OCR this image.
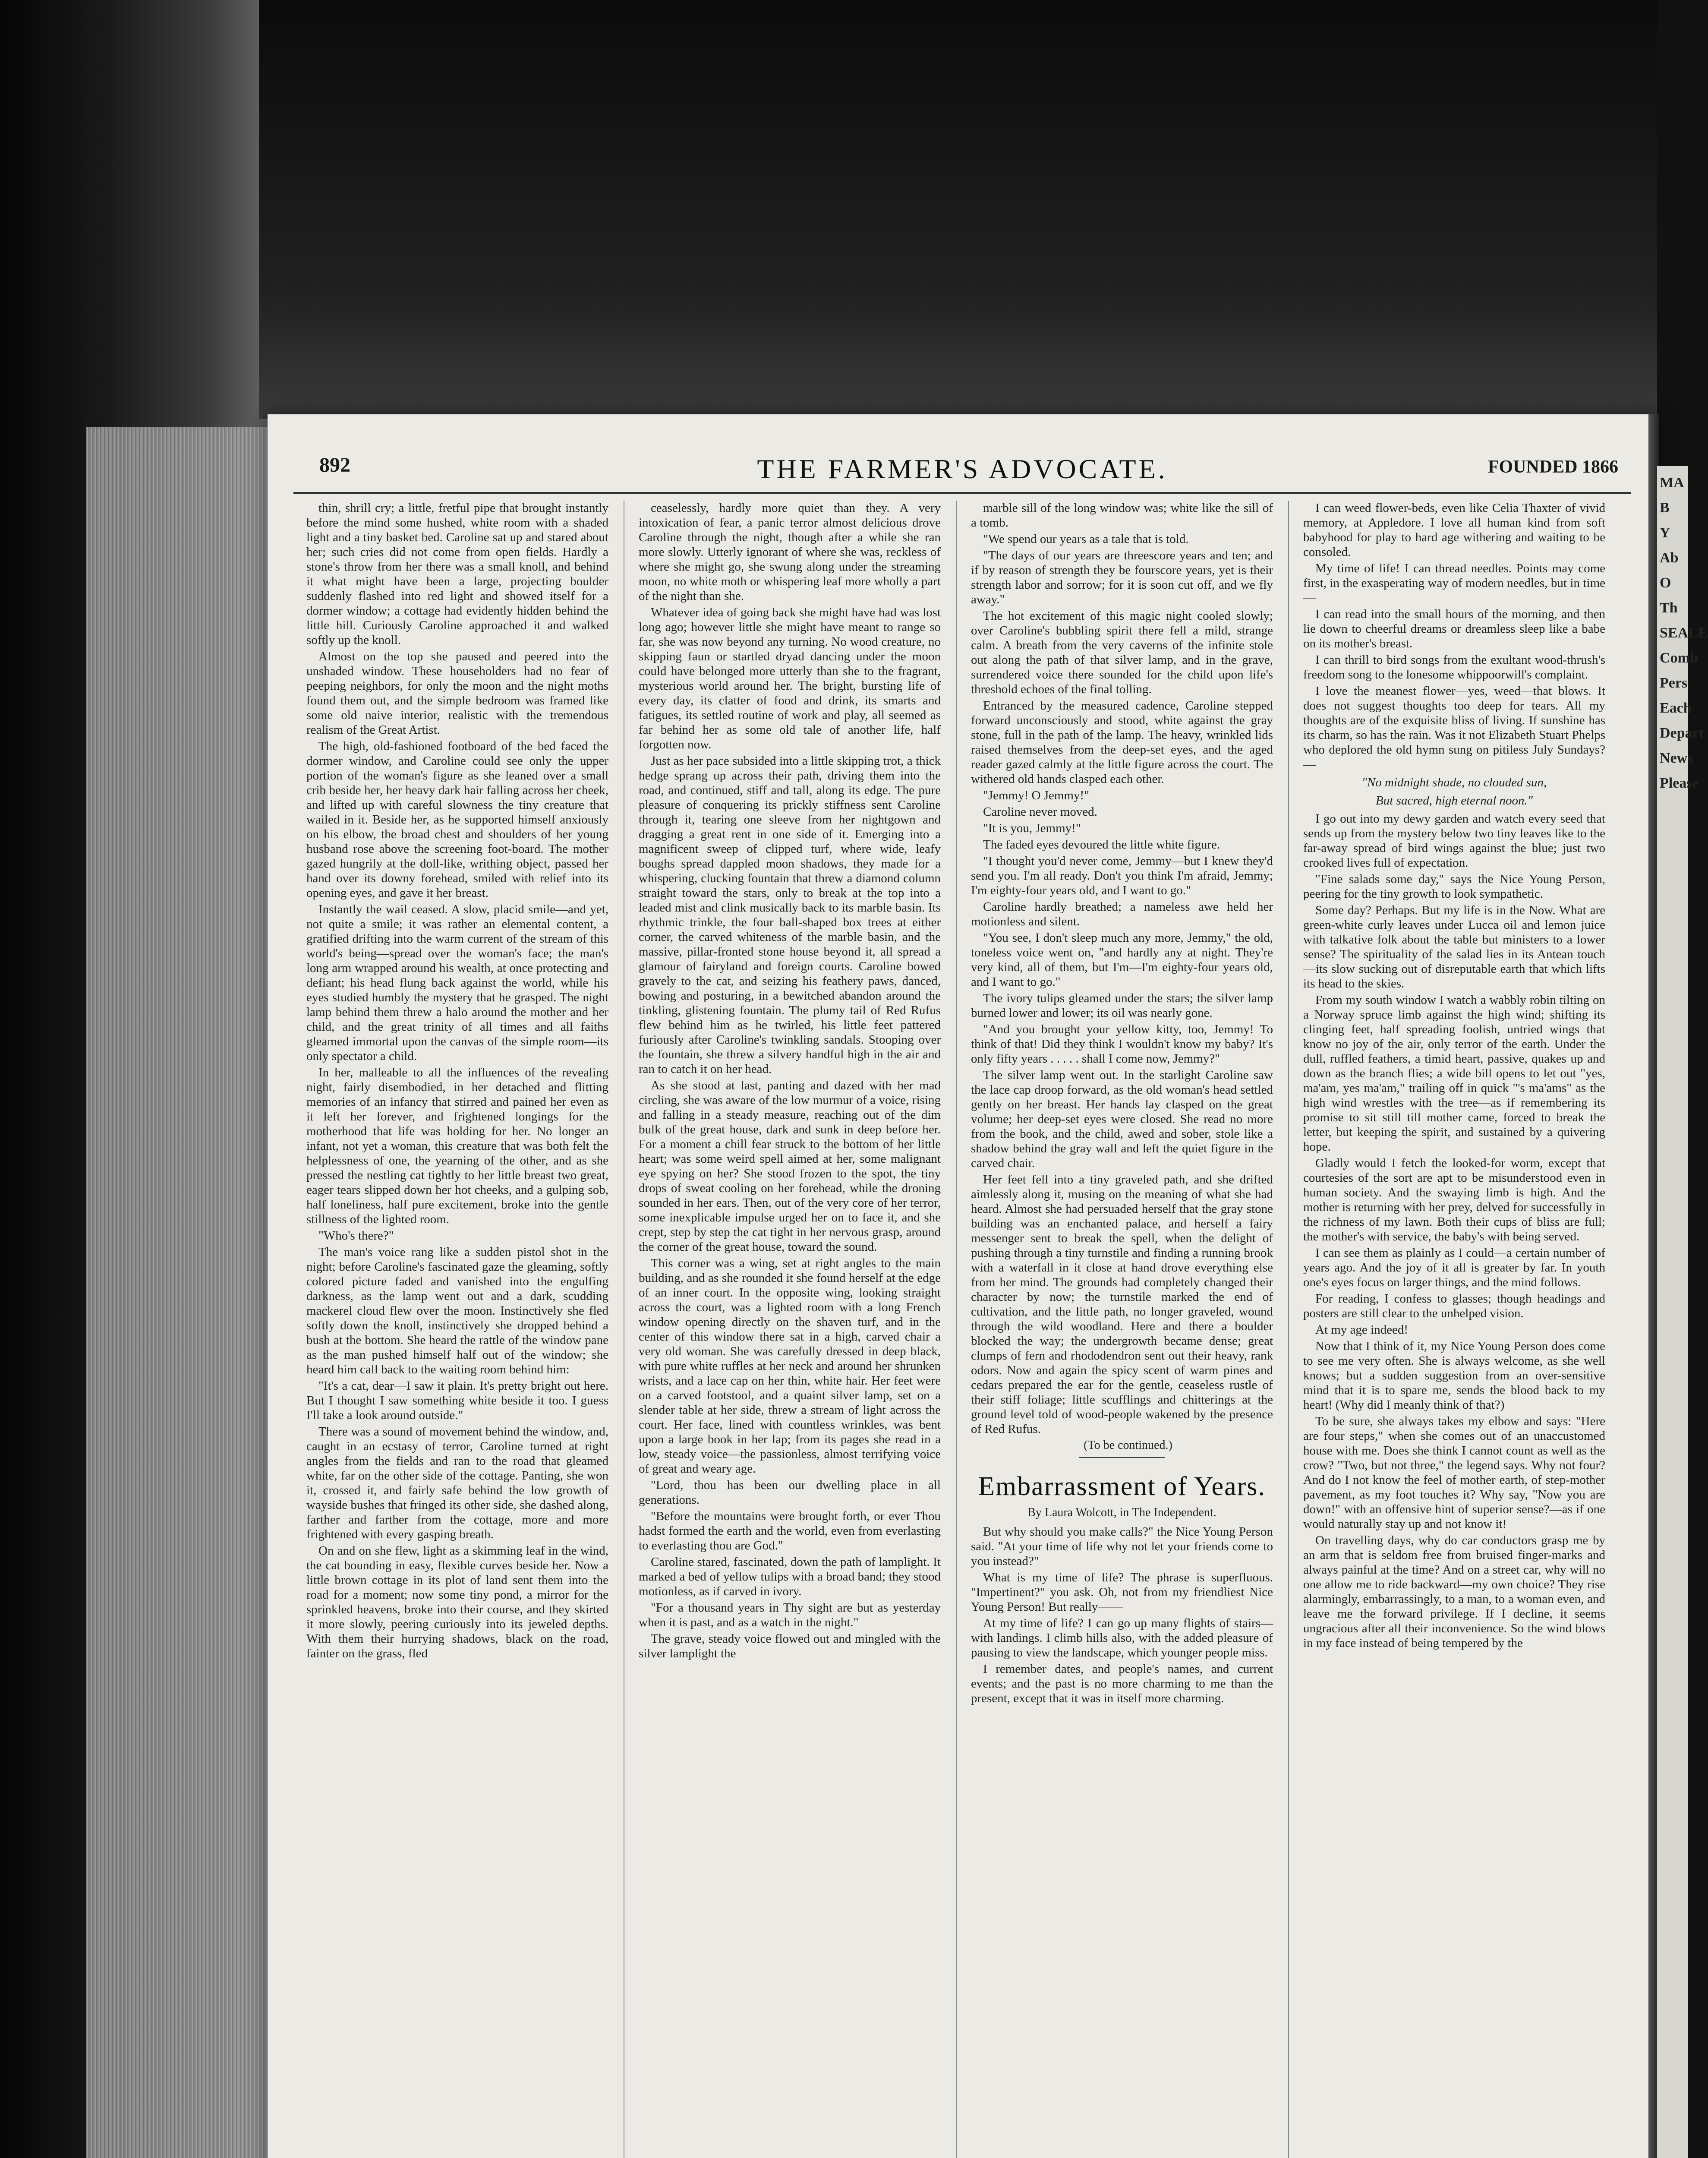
892	THE FARMER'S ADVOCATE.	FOUNDED 1866

thin, shrill cry; a little, fretful pipe that brought instantly before the mind some hushed, white room with a shaded light and a tiny basket bed. Caroline sat up and stared about her; such cries did not come from open fields. Hardly a stone's throw from her there was a small knoll, and behind it what might have been a large, projecting boulder suddenly flashed into red light and showed itself for a dormer window; a cottage had evidently hidden behind the little hill. Curiously Caroline approached it and walked softly up the knoll.

Almost on the top she paused and peered into the unshaded window. These householders had no fear of peeping neighbors, for only the moon and the night moths found them out, and the simple bedroom was framed like some old naive interior, realistic with the tremendous realism of the Great Artist.

The high, old-fashioned footboard of the bed faced the dormer window, and Caroline could see only the upper portion of the woman's figure as she leaned over a small crib beside her, her heavy dark hair falling across her cheek, and lifted up with careful slowness the tiny creature that wailed in it. Beside her, as he supported himself anxiously on his elbow, the broad chest and shoulders of her young husband rose above the screening foot-board. The mother gazed hungrily at the doll-like, writhing object, passed her hand over its downy forehead, smiled with relief into its opening eyes, and gave it her breast.

Instantly the wail ceased. A slow, placid smile—and yet, not quite a smile; it was rather an elemental content, a gratified drifting into the warm current of the stream of this world's being—spread over the woman's face; the man's long arm wrapped around his wealth, at once protecting and defiant; his head flung back against the world, while his eyes studied humbly the mystery that he grasped. The night lamp behind them threw a halo around the mother and her child, and the great trinity of all times and all faiths gleamed immortal upon the canvas of the simple room—its only spectator a child.

In her, malleable to all the influences of the revealing night, fairly disembodied, in her detached and flitting memories of an infancy that stirred and pained her even as it left her forever, and frightened longings for the motherhood that life was holding for her. No longer an infant, not yet a woman, this creature that was both felt the helplessness of one, the yearning of the other, and as she pressed the nestling cat tightly to her little breast two great, eager tears slipped down her hot cheeks, and a gulping sob, half loneliness, half pure excitement, broke into the gentle stillness of the lighted room.

"Who's there?"

The man's voice rang like a sudden pistol shot in the night; before Caroline's fascinated gaze the gleaming, softly colored picture faded and vanished into the engulfing darkness, as the lamp went out and a dark, scudding mackerel cloud flew over the moon. Instinctively she fled softly down the knoll, instinctively she dropped behind a bush at the bottom. She heard the rattle of the window pane as the man pushed himself half out of the window; she heard him call back to the waiting room behind him:

"It's a cat, dear—I saw it plain. It's pretty bright out here. But I thought I saw something white beside it too. I guess I'll take a look around outside."

There was a sound of movement behind the window, and, caught in an ecstasy of terror, Caroline turned at right angles from the fields and ran to the road that gleamed white, far on the other side of the cottage. Panting, she won it, crossed it, and fairly safe behind the low growth of wayside bushes that fringed its other side, she dashed along, farther and farther from the cottage, more and more frightened with every gasping breath.

On and on she flew, light as a skimming leaf in the wind, the cat bounding in easy, flexible curves beside her. Now a little brown cottage in its plot of land sent them into the road for a moment; now some tiny pond, a mirror for the sprinkled heavens, broke into their course, and they skirted it more slowly, peering curiously into its jeweled depths. With them their hurrying shadows, black on the road, fainter on the grass, fled

ceaselessly, hardly more quiet than they. A very intoxication of fear, a panic terror almost delicious drove Caroline through the night, though after a while she ran more slowly. Utterly ignorant of where she was, reckless of where she might go, she swung along under the streaming moon, no white moth or whispering leaf more wholly a part of the night than she.

Whatever idea of going back she might have had was lost long ago; however little she might have meant to range so far, she was now beyond any turning. No wood creature, no skipping faun or startled dryad dancing under the moon could have belonged more utterly than she to the fragrant, mysterious world around her. The bright, bursting life of every day, its clatter of food and drink, its smarts and fatigues, its settled routine of work and play, all seemed as far behind her as some old tale of another life, half forgotten now.

Just as her pace subsided into a little skipping trot, a thick hedge sprang up across their path, driving them into the road, and continued, stiff and tall, along its edge. The pure pleasure of conquering its prickly stiffness sent Caroline through it, tearing one sleeve from her nightgown and dragging a great rent in one side of it. Emerging into a magnificent sweep of clipped turf, where wide, leafy boughs spread dappled moon shadows, they made for a whispering, clucking fountain that threw a diamond column straight toward the stars, only to break at the top into a leaded mist and clink musically back to its marble basin. Its rhythmic trinkle, the four ball-shaped box trees at either corner, the carved whiteness of the marble basin, and the massive, pillar-fronted stone house beyond it, all spread a glamour of fairyland and foreign courts. Caroline bowed gravely to the cat, and seizing his feathery paws, danced, bowing and posturing, in a bewitched abandon around the tinkling, glistening fountain. The plumy tail of Red Rufus flew behind him as he twirled, his little feet pattered furiously after Caroline's twinkling sandals. Stooping over the fountain, she threw a silvery handful high in the air and ran to catch it on her head.

As she stood at last, panting and dazed with her mad circling, she was aware of the low murmur of a voice, rising and falling in a steady measure, reaching out of the dim bulk of the great house, dark and sunk in deep before her. For a moment a chill fear struck to the bottom of her little heart; was some weird spell aimed at her, some malignant eye spying on her? She stood frozen to the spot, the tiny drops of sweat cooling on her forehead, while the droning sounded in her ears. Then, out of the very core of her terror, some inexplicable impulse urged her on to face it, and she crept, step by step the cat tight in her nervous grasp, around the corner of the great house, toward the sound.

This corner was a wing, set at right angles to the main building, and as she rounded it she found herself at the edge of an inner court. In the opposite wing, looking straight across the court, was a lighted room with a long French window opening directly on the shaven turf, and in the center of this window there sat in a high, carved chair a very old woman. She was carefully dressed in deep black, with pure white ruffles at her neck and around her shrunken wrists, and a lace cap on her thin, white hair. Her feet were on a carved footstool, and a quaint silver lamp, set on a slender table at her side, threw a stream of light across the court. Her face, lined with countless wrinkles, was bent upon a large book in her lap; from its pages she read in a low, steady voice—the passionless, almost terrifying voice of great and weary age.

"Lord, thou has been our dwelling place in all generations.

"Before the mountains were brought forth, or ever Thou hadst formed the earth and the world, even from everlasting to everlasting thou are God."

Caroline stared, fascinated, down the path of lamplight. It marked a bed of yellow tulips with a broad band; they stood motionless, as if carved in ivory.

"For a thousand years in Thy sight are but as yesterday when it is past, and as a watch in the night."

The grave, steady voice flowed out and mingled with the silver lamplight the

marble sill of the long window was; white like the sill of a tomb.

"We spend our years as a tale that is told.

"The days of our years are threescore years and ten; and if by reason of strength they be fourscore years, yet is their strength labor and sorrow; for it is soon cut off, and we fly away."

The hot excitement of this magic night cooled slowly; over Caroline's bubbling spirit there fell a mild, strange calm. A breath from the very caverns of the infinite stole out along the path of that silver lamp, and in the grave, surrendered voice there sounded for the child upon life's threshold echoes of the final tolling.

Entranced by the measured cadence, Caroline stepped forward unconsciously and stood, white against the gray stone, full in the path of the lamp. The heavy, wrinkled lids raised themselves from the deep-set eyes, and the aged reader gazed calmly at the little figure across the court. The withered old hands clasped each other.

"Jemmy! O Jemmy!"

Caroline never moved.

"It is you, Jemmy!"

The faded eyes devoured the little white figure.

"I thought you'd never come, Jemmy—but I knew they'd send you. I'm all ready. Don't you think I'm afraid, Jemmy; I'm eighty-four years old, and I want to go."

Caroline hardly breathed; a nameless awe held her motionless and silent.

"You see, I don't sleep much any more, Jemmy," the old, toneless voice went on, "and hardly any at night. They're very kind, all of them, but I'm—I'm eighty-four years old, and I want to go."

The ivory tulips gleamed under the stars; the silver lamp burned lower and lower; its oil was nearly gone.

"And you brought your yellow kitty, too, Jemmy! To think of that! Did they think I wouldn't know my baby? It's only fifty years . . . . . shall I come now, Jemmy?"

The silver lamp went out. In the starlight Caroline saw the lace cap droop forward, as the old woman's head settled gently on her breast. Her hands lay clasped on the great volume; her deep-set eyes were closed. She read no more from the book, and the child, awed and sober, stole like a shadow behind the gray wall and left the quiet figure in the carved chair.

Her feet fell into a tiny graveled path, and she drifted aimlessly along it, musing on the meaning of what she had heard. Almost she had persuaded herself that the gray stone building was an enchanted palace, and herself a fairy messenger sent to break the spell, when the delight of pushing through a tiny turnstile and finding a running brook with a waterfall in it close at hand drove everything else from her mind. The grounds had completely changed their character by now; the turnstile marked the end of cultivation, and the little path, no longer graveled, wound through the wild woodland. Here and there a boulder blocked the way; the undergrowth became dense; great clumps of fern and rhododendron sent out their heavy, rank odors. Now and again the spicy scent of warm pines and cedars prepared the ear for the gentle, ceaseless rustle of their stiff foliage; little scufflings and chitterings at the ground level told of wood-people wakened by the presence of Red Rufus.

(To be continued.)

Embarrassment of Years.
By Laura Wolcott, in The Independent.

But why should you make calls?" the Nice Young Person said. "At your time of life why not let your friends come to you instead?"

What is my time of life? The phrase is superfluous. "Impertinent?" you ask. Oh, not from my friendliest Nice Young Person! But really——

At my time of life? I can go up many flights of stairs—with landings. I climb hills also, with the added pleasure of pausing to view the landscape, which younger people miss.

I remember dates, and people's names, and current events; and the past is no more charming to me than the present, except that it was in itself more charming.

I can weed flower-beds, even like Celia Thaxter of vivid memory, at Appledore. I love all human kind from soft babyhood for play to hard age withering and waiting to be consoled.

My time of life! I can thread needles. Points may come first, in the exasperating way of modern needles, but in time—

I can read into the small hours of the morning, and then lie down to cheerful dreams or dreamless sleep like a babe on its mother's breast.

I can thrill to bird songs from the exultant wood-thrush's freedom song to the lonesome whippoorwill's complaint.

I love the meanest flower—yes, weed—that blows. It does not suggest thoughts too deep for tears. All my thoughts are of the exquisite bliss of living. If sunshine has its charm, so has the rain. Was it not Elizabeth Stuart Phelps who deplored the old hymn sung on pitiless July Sundays?—

"No midnight shade, no clouded sun,

But sacred, high eternal noon."

I go out into my dewy garden and watch every seed that sends up from the mystery below two tiny leaves like to the far-away spread of bird wings against the blue; just two crooked lives full of expectation.

"Fine salads some day," says the Nice Young Person, peering for the tiny growth to look sympathetic.

Some day? Perhaps. But my life is in the Now. What are green-white curly leaves under Lucca oil and lemon juice with talkative folk about the table but ministers to a lower sense? The spirituality of the salad lies in its Antean touch—its slow sucking out of disreputable earth that which lifts its head to the skies.

From my south window I watch a wabbly robin tilting on a Norway spruce limb against the high wind; shifting its clinging feet, half spreading foolish, untried wings that know no joy of the air, only terror of the earth. Under the dull, ruffled feathers, a timid heart, passive, quakes up and down as the branch flies; a wide bill opens to let out "yes, ma'am, yes ma'am," trailing off in quick "'s ma'ams" as the high wind wrestles with the tree—as if remembering its promise to sit still till mother came, forced to break the letter, but keeping the spirit, and sustained by a quivering hope.

Gladly would I fetch the looked-for worm, except that courtesies of the sort are apt to be misunderstood even in human society. And the swaying limb is high. And the mother is returning with her prey, delved for successfully in the richness of my lawn. Both their cups of bliss are full; the mother's with service, the baby's with being served.

I can see them as plainly as I could—a certain number of years ago. And the joy of it all is greater by far. In youth one's eyes focus on larger things, and the mind follows.

For reading, I confess to glasses; though headings and posters are still clear to the unhelped vision.

At my age indeed!

Now that I think of it, my Nice Young Person does come to see me very often. She is always welcome, as she well knows; but a sudden suggestion from an over-sensitive mind that it is to spare me, sends the blood back to my heart! (Why did I meanly think of that?)

To be sure, she always takes my elbow and says: "Here are four steps," when she comes out of an unaccustomed house with me. Does she think I cannot count as well as the crow? "Two, but not three," the legend says. Why not four? And do I not know the feel of mother earth, of step-mother pavement, as my foot touches it? Why say, "Now you are down!" with an offensive hint of superior sense?—as if one would naturally stay up and not know it!

On travelling days, why do car conductors grasp me by an arm that is seldom free from bruised finger-marks and always painful at the time? And on a street car, why will no one allow me to ride backward—my own choice? They rise alarmingly, embarrassingly, to a man, to a woman even, and leave me the forward privilege. If I decline, it seems ungracious after all their inconvenience. So the wind blows in my face instead of being tempered by the

MA
B
Y
Ab
O
Th
SEALE
Comb
Pers
Each
Depart
News
Please
